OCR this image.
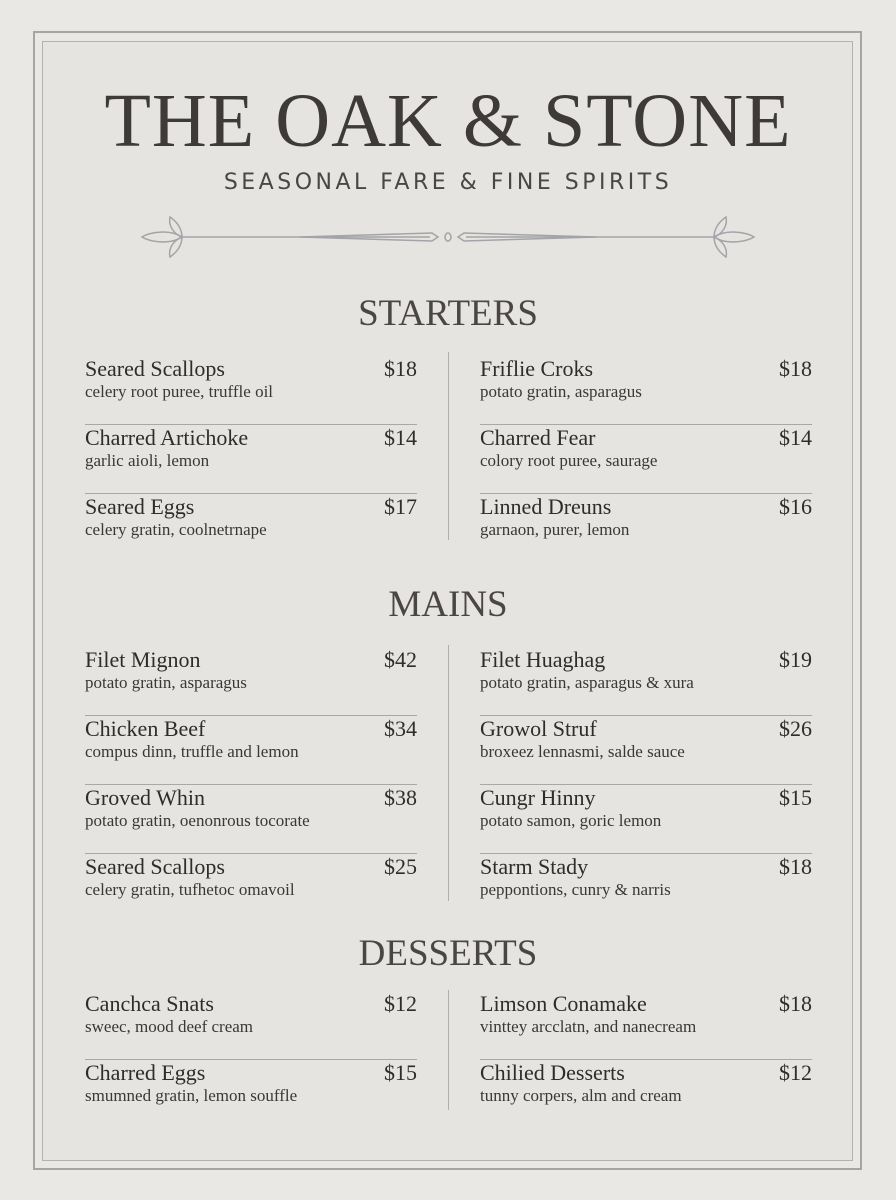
THE OAK & STONE
SEASONAL FARE & FINE SPIRITS
STARTERS
Seared Scallops	$18
celery root puree, truffle oil
Charred Artichoke	$14
garlic aioli, lemon
Seared Eggs	$17
celery gratin, coolnetrnape
Friflie Croks	$18
potato gratin, asparagus
Charred Fear	$14
colory root puree, saurage
Linned Dreuns	$16
garnaon, purer, lemon
MAINS
Filet Mignon	$42
potato gratin, asparagus
Chicken Beef	$34
compus dinn, truffle and lemon
Groved Whin	$38
potato gratin, oenonrous tocorate
Seared Scallops	$25
celery gratin, tufhetoc omavoil
Filet Huaghag	$19
potato gratin, asparagus & xura
Growol Struf	$26
broxeez lennasmi, salde sauce
Cungr Hinny	$15
potato samon, goric lemon
Starm Stady	$18
peppontions, cunry & narris
DESSERTS
Canchca Snats	$12
sweec, mood deef cream
Charred Eggs	$15
smumned gratin, lemon souffle
Limson Conamake	$18
vinttey arcclatn, and nanecream
Chilied Desserts	$12
tunny corpers, alm and cream
